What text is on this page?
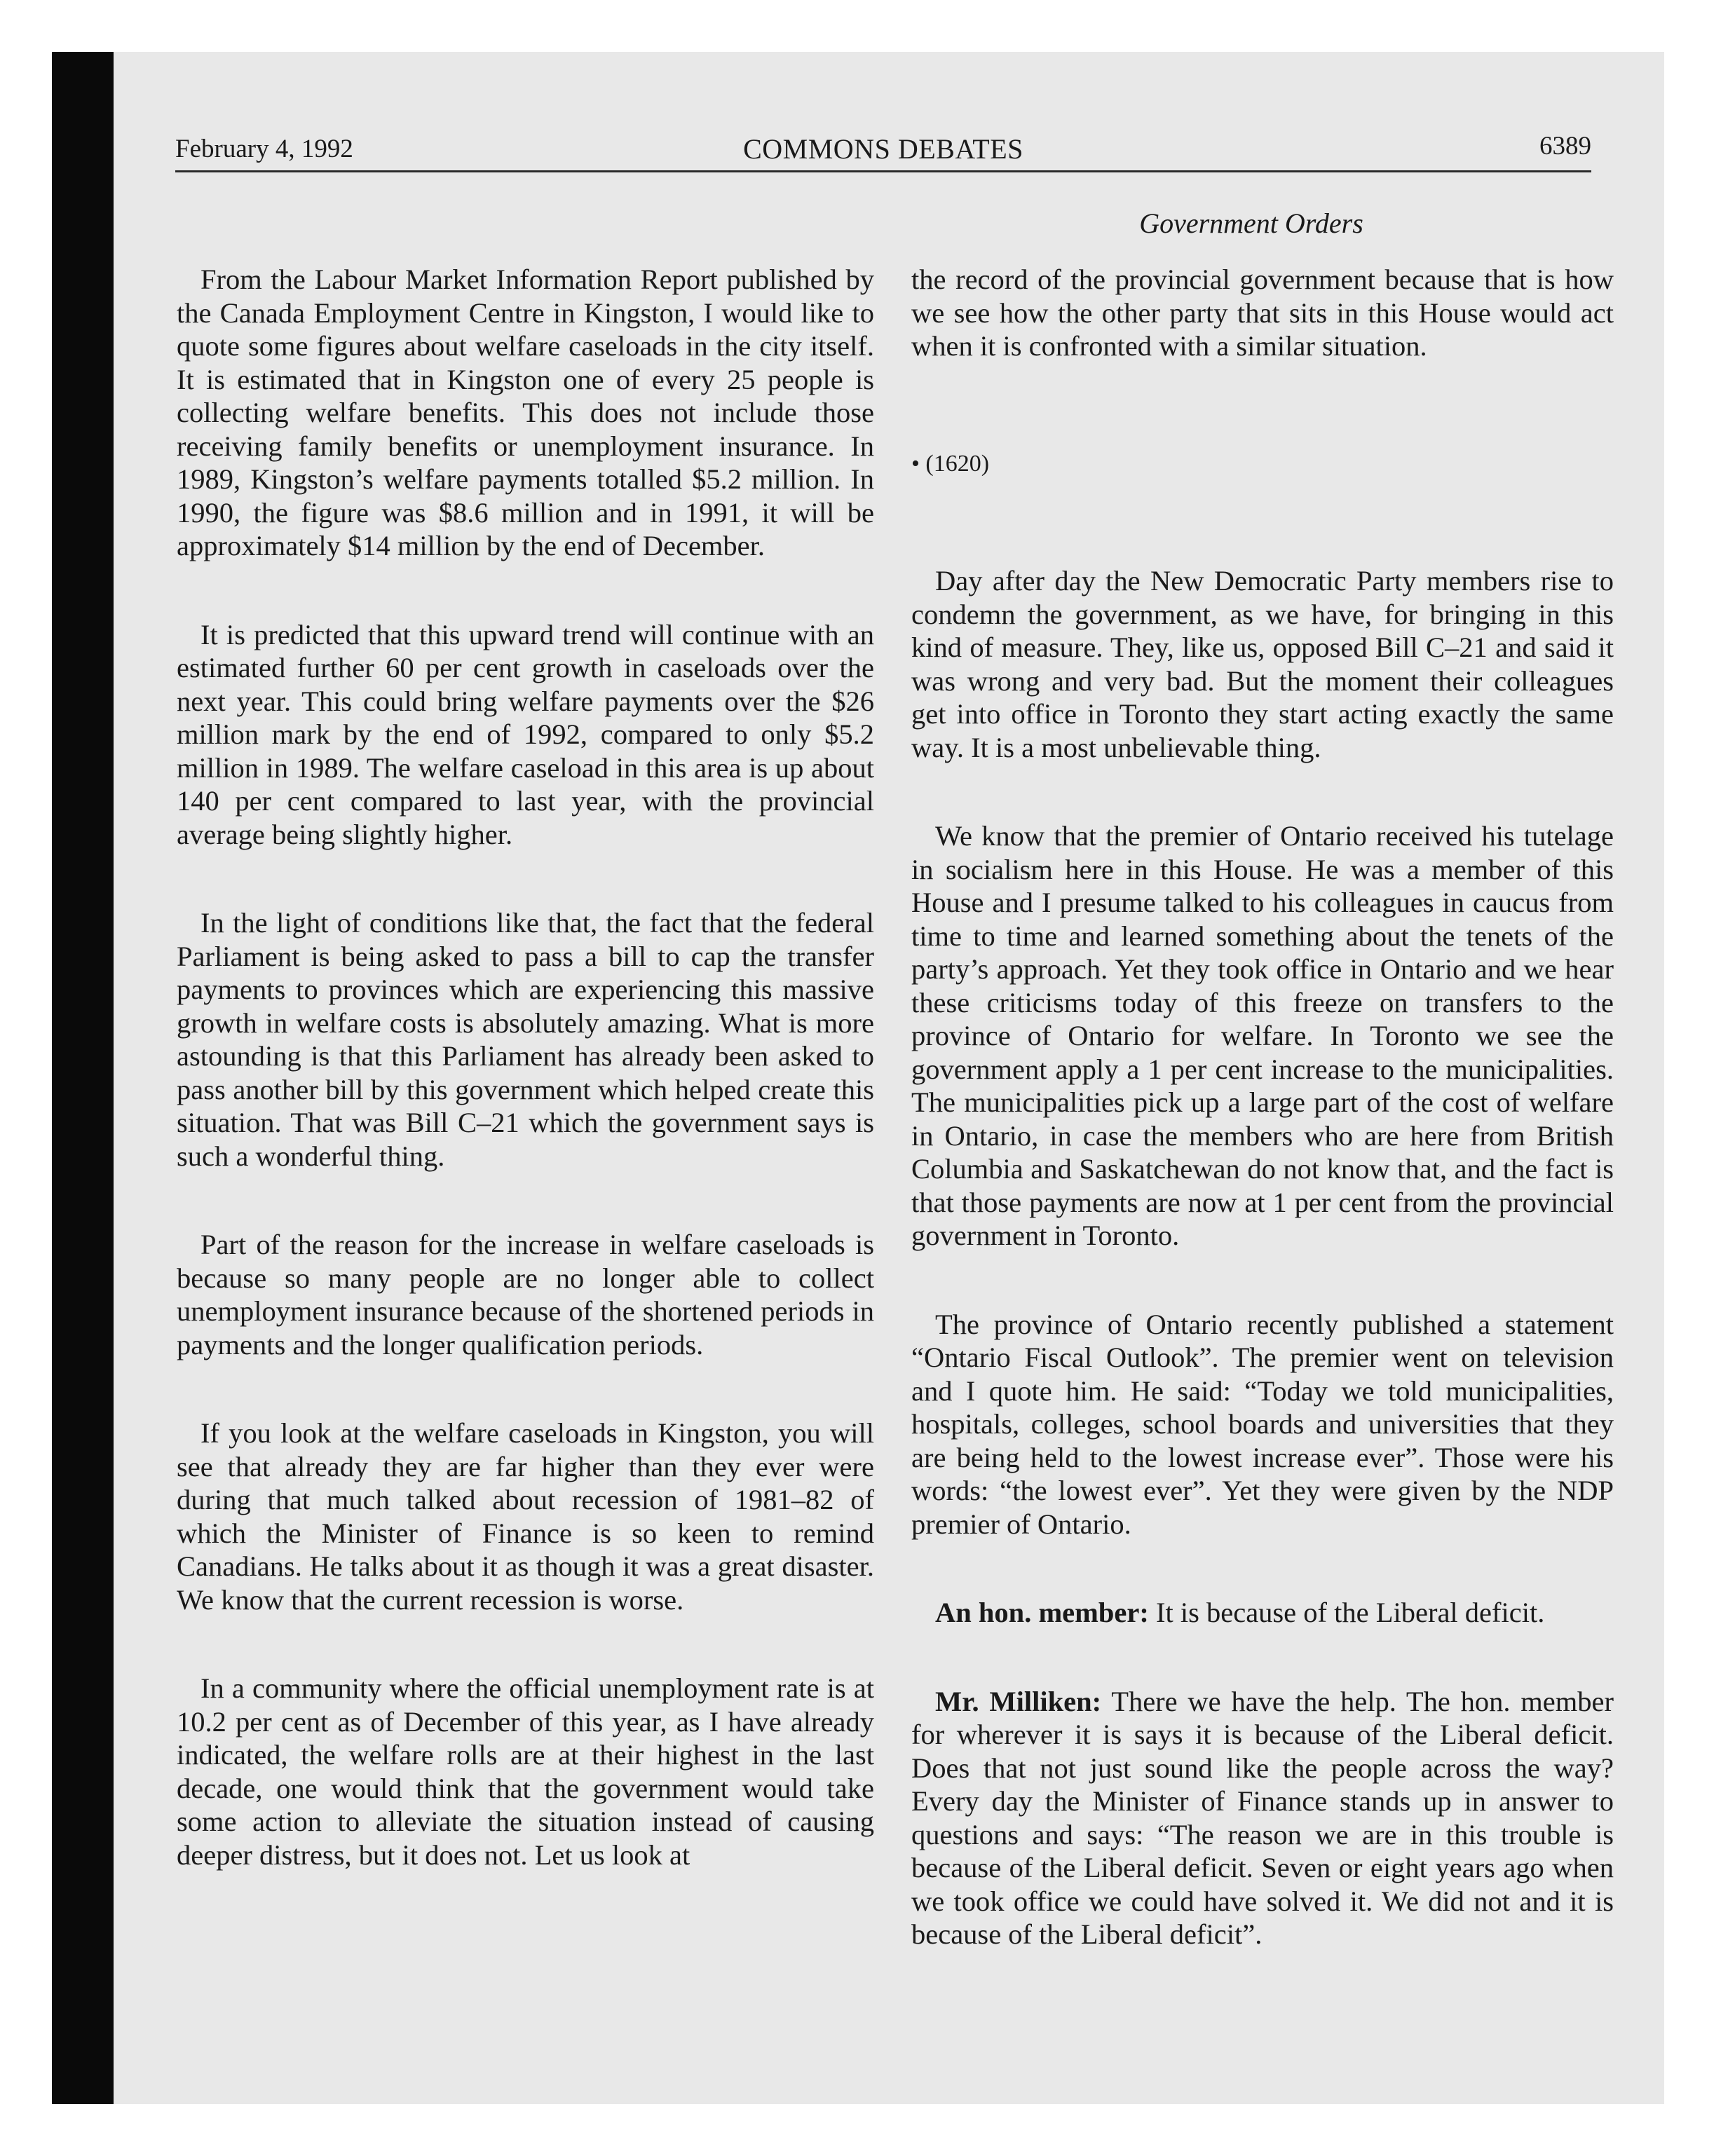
February 4, 1992	COMMONS DEBATES	6389
Government Orders

From the Labour Market Information Report published by the Canada Employment Centre in Kingston, I would like to quote some figures about welfare caseloads in the city itself. It is estimated that in Kingston one of every 25 people is collecting welfare benefits. This does not include those receiving family benefits or unemployment insurance. In 1989, Kingston’s welfare payments totalled $5.2 million. In 1990, the figure was $8.6 million and in 1991, it will be approximately $14 million by the end of December.

It is predicted that this upward trend will continue with an estimated further 60 per cent growth in caseloads over the next year. This could bring welfare payments over the $26 million mark by the end of 1992, compared to only $5.2 million in 1989. The welfare caseload in this area is up about 140 per cent compared to last year, with the provincial average being slightly higher.

In the light of conditions like that, the fact that the federal Parliament is being asked to pass a bill to cap the transfer payments to provinces which are experiencing this massive growth in welfare costs is absolutely amazing. What is more astounding is that this Parliament has already been asked to pass another bill by this government which helped create this situation. That was Bill C–21 which the government says is such a wonderful thing.

Part of the reason for the increase in welfare caseloads is because so many people are no longer able to collect unemployment insurance because of the shortened periods in payments and the longer qualification periods.

If you look at the welfare caseloads in Kingston, you will see that already they are far higher than they ever were during that much talked about recession of 1981–82 of which the Minister of Finance is so keen to remind Canadians. He talks about it as though it was a great disaster. We know that the current recession is worse.

In a community where the official unemployment rate is at 10.2 per cent as of December of this year, as I have already indicated, the welfare rolls are at their highest in the last decade, one would think that the government would take some action to alleviate the situation instead of causing deeper distress, but it does not. Let us look at

the record of the provincial government because that is how we see how the other party that sits in this House would act when it is confronted with a similar situation.

• (1620)

Day after day the New Democratic Party members rise to condemn the government, as we have, for bringing in this kind of measure. They, like us, opposed Bill C–21 and said it was wrong and very bad. But the moment their colleagues get into office in Toronto they start acting exactly the same way. It is a most unbelievable thing.

We know that the premier of Ontario received his tutelage in socialism here in this House. He was a member of this House and I presume talked to his colleagues in caucus from time to time and learned something about the tenets of the party’s approach. Yet they took office in Ontario and we hear these criticisms today of this freeze on transfers to the province of Ontario for welfare. In Toronto we see the government apply a 1 per cent increase to the municipalities. The municipalities pick up a large part of the cost of welfare in Ontario, in case the members who are here from British Columbia and Saskatchewan do not know that, and the fact is that those payments are now at 1 per cent from the provincial government in Toronto.

The province of Ontario recently published a statement “Ontario Fiscal Outlook”. The premier went on television and I quote him. He said: “Today we told municipalities, hospitals, colleges, school boards and universities that they are being held to the lowest increase ever”. Those were his words: “the lowest ever”. Yet they were given by the NDP premier of Ontario.

An hon. member: It is because of the Liberal deficit.

Mr. Milliken: There we have the help. The hon. member for wherever it is says it is because of the Liberal deficit. Does that not just sound like the people across the way? Every day the Minister of Finance stands up in answer to questions and says: “The reason we are in this trouble is because of the Liberal deficit. Seven or eight years ago when we took office we could have solved it. We did not and it is because of the Liberal deficit”.
